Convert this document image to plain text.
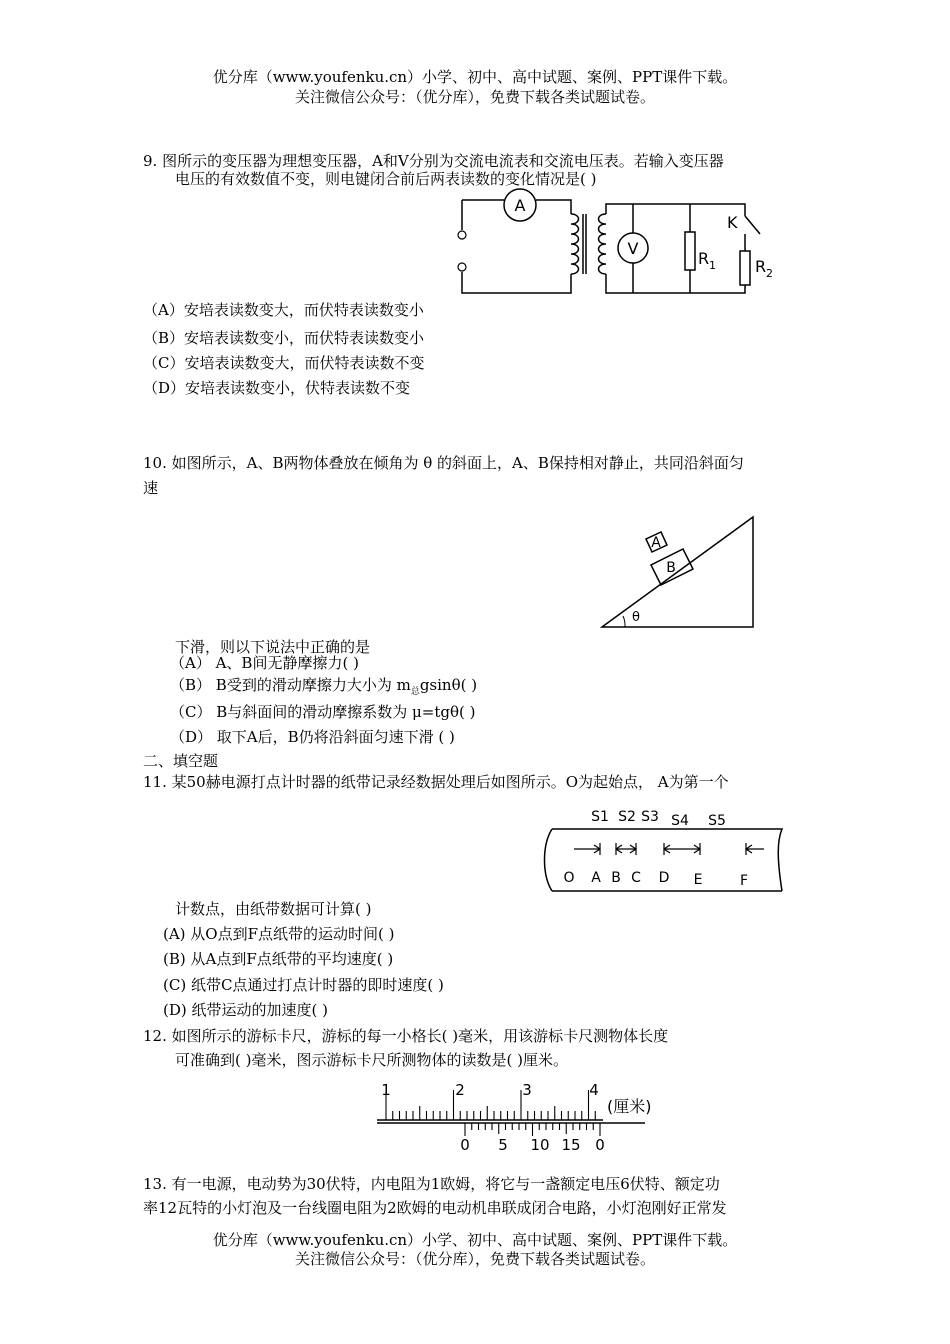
优分库（www.youfenku.cn）小学、初中、高中试题、案例、PPT课件下载。
关注微信公众号：（优分库），免费下载各类试题试卷。
9. 图所示的变压器为理想变压器，A和V分别为交流电流表和交流电压表。若输入变压器
电压的有效数值不变，则电键闭合前后两表读数的变化情况是( )
A
V
R 1 R 2
K
（A）安培表读数变大，而伏特表读数变小
（B）安培表读数变小，而伏特表读数变小
（C）安培表读数变大，而伏特表读数不变
（D）安培表读数变小，伏特表读数不变
10. 如图所示，A、B两物体叠放在倾角为 θ 的斜面上，A、B保持相对静止，共同沿斜面匀
速
A
B
θ
下滑，则以下说法中正确的是
（A） A、B间无静摩擦力( )
（B） B受到的滑动摩擦力大小为 $m_总gsin\theta$( )
（C） B与斜面间的滑动摩擦系数为 μ=tgθ( )
（D） 取下A后，B仍将沿斜面匀速下滑 ( )
二、填空题
11. 某50赫电源打点计时器的纸带记录经数据处理后如图所示。O为起始点， A为第一个
S1 S2 S3 S4 S5
O A B C D E	F
计数点，由纸带数据可计算( )
(A) 从O点到F点纸带的运动时间( )
(B) 从A点到F点纸带的平均速度( )
(C) 纸带C点通过打点计时器的即时速度( )
(D) 纸带运动的加速度( )
12. 如图所示的游标卡尺，游标的每一小格长( )毫米，用该游标卡尺测物体长度
可准确到( )毫米，图示游标卡尺所测物体的读数是( )厘米。
1	2	3	4
(厘米)
0 5 10 15 0
13. 有一电源，电动势为30伏特，内电阻为1欧姆，将它与一盏额定电压6伏特、额定功
率12瓦特的小灯泡及一台线圈电阻为2欧姆的电动机串联成闭合电路，小灯泡刚好正常发
优分库（www.youfenku.cn）小学、初中、高中试题、案例、PPT课件下载。
关注微信公众号：（优分库），免费下载各类试题试卷。
